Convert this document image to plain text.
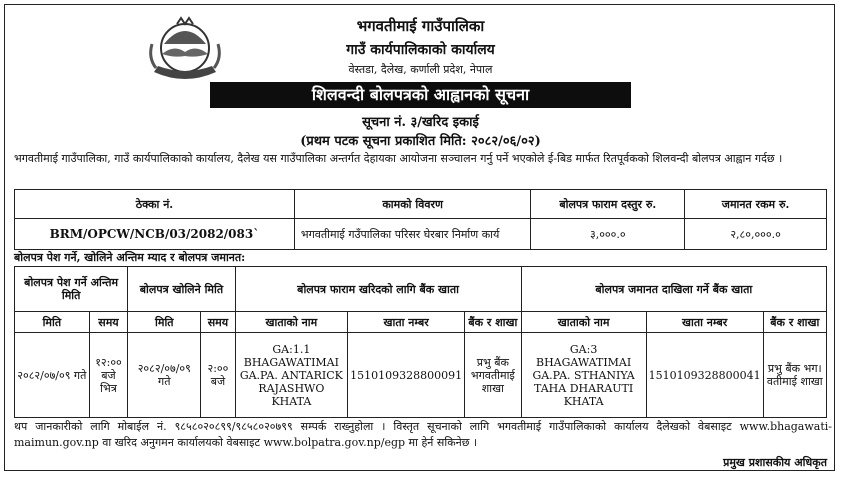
भगवतीमाई गाउँपालिका
गाउँ कार्यपालिकाको कार्यालय
वेस्तडा, दैलेख, कर्णाली प्रदेश, नेपाल
शिलवन्दी बोलपत्रको आह्वानको सूचना
सूचना नं. ३/खरिद इकाई
(प्रथम पटक सूचना प्रकाशित मिति: २०८२/०६/०२)
भगवतीमाई गाउँपालिका, गाउँ कार्यपालिकाको कार्यालय, दैलेख यस गाउँपालिका अन्तर्गत देहायका आयोजना सञ्चालन गर्नु पर्ने भएकोले ई-बिड मार्फत रितपूर्वकको शिलवन्दी बोलपत्र आह्वान गर्दछ ।
ठेक्का नं.	कामको विवरण	बोलपत्र फाराम दस्तुर रु.	जमानत रकम रु.
BRM/OPCW/NCB/03/2082/083`	भगवतीमाई गउँपालिका परिसर घेरबार निर्माण कार्य	३,०००.०	२,८०,०००.०
बोलपत्र पेश गर्ने, खोलिने अन्तिम म्याद र बोलपत्र जमानत:
बोलपत्र पेश गर्ने अन्तिम मिति		बोलपत्र खोलिने मिति		बोलपत्र फाराम खरिदको लागि बैंक खाता			बोलपत्र जमानत दाखिला गर्ने बैंक खाता		
मिति	समय	मिति	समय	खाताको नाम	खाता नम्बर	बैंक र शाखा	खाताको नाम	खाता नम्बर	बैंक र शाखा
२०८२/०७/०९ गते	१२:०० बजे भित्र	२०८२/०७/०९ गते	२:०० बजे	GA:1.1 BHAGAWATIMAI GA.PA. ANTARICK RAJASHWO KHATA	1510109328800091	प्रभु बैंक भगवतीमाई शाखा	GA:3 BHAGAWATIMAI GA.PA. STHANIYA TAHA DHARAUTI KHATA	1510109328800041	प्रभु बैंक भग। वतीमाई शाखा
थप जानकारीको लागि मोबाईल नं. ९८५८०२०८९९/९८५८०२०७९९ सम्पर्क राख्नुहोला । विस्तृत सूचनाको लागि भगवतीमाई गाउँपालिकाको कार्यालय दैलेखको वेबसाइट www.bhagawati-maimun.gov.np वा खरिद अनुगमन कार्यालयको वेबसाइट www.bolpatra.gov.np/egp मा हेर्न सकिनेछ ।
प्रमुख प्रशासकीय अधिकृत
